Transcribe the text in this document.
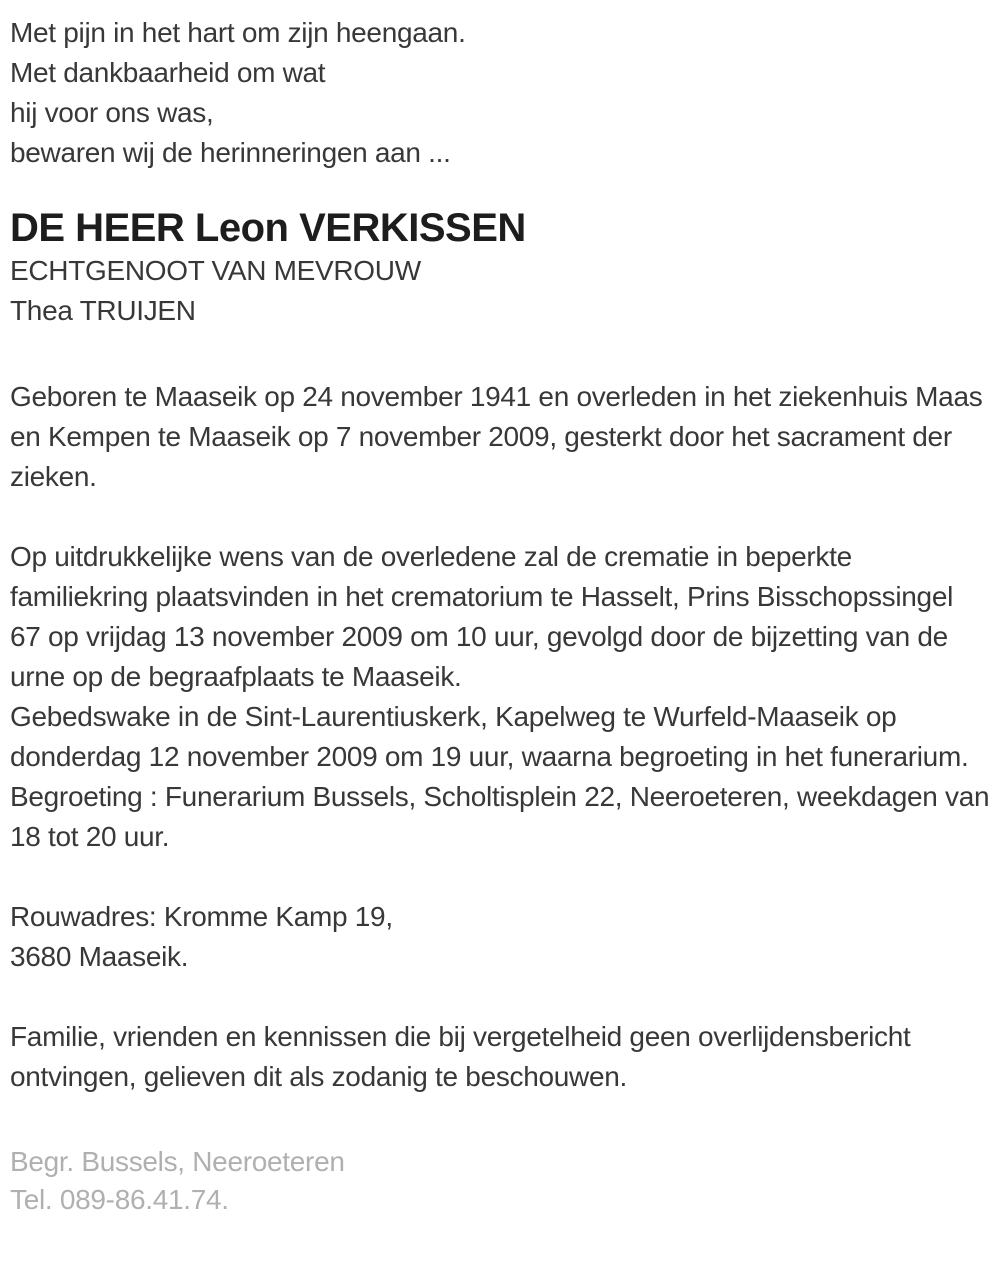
Met pijn in het hart om zijn heengaan.
Met dankbaarheid om wat
hij voor ons was,
bewaren wij de herinneringen aan ...
DE HEER Leon VERKISSEN
ECHTGENOOT VAN MEVROUW
Thea TRUIJEN
Geboren te Maaseik op 24 november 1941 en overleden in het ziekenhuis Maas en Kempen te Maaseik op 7 november 2009, gesterkt door het sacrament der zieken.
Op uitdrukkelijke wens van de overledene zal de crematie in beperkte familiekring plaatsvinden in het crematorium te Hasselt, Prins Bisschopssingel 67 op vrijdag 13 november 2009 om 10 uur, gevolgd door de bijzetting van de urne op de begraafplaats te Maaseik.
Gebedswake in de Sint-Laurentiuskerk, Kapelweg te Wurfeld-Maaseik op donderdag 12 november 2009 om 19 uur, waarna begroeting in het funerarium.
Begroeting : Funerarium Bussels, Scholtisplein 22, Neeroeteren, weekdagen van 18 tot 20 uur.
Rouwadres: Kromme Kamp 19,
3680 Maaseik.
Familie, vrienden en kennissen die bij vergetelheid geen overlijdensbericht ontvingen, gelieven dit als zodanig te beschouwen.
Begr. Bussels, Neeroeteren
Tel. 089-86.41.74.
